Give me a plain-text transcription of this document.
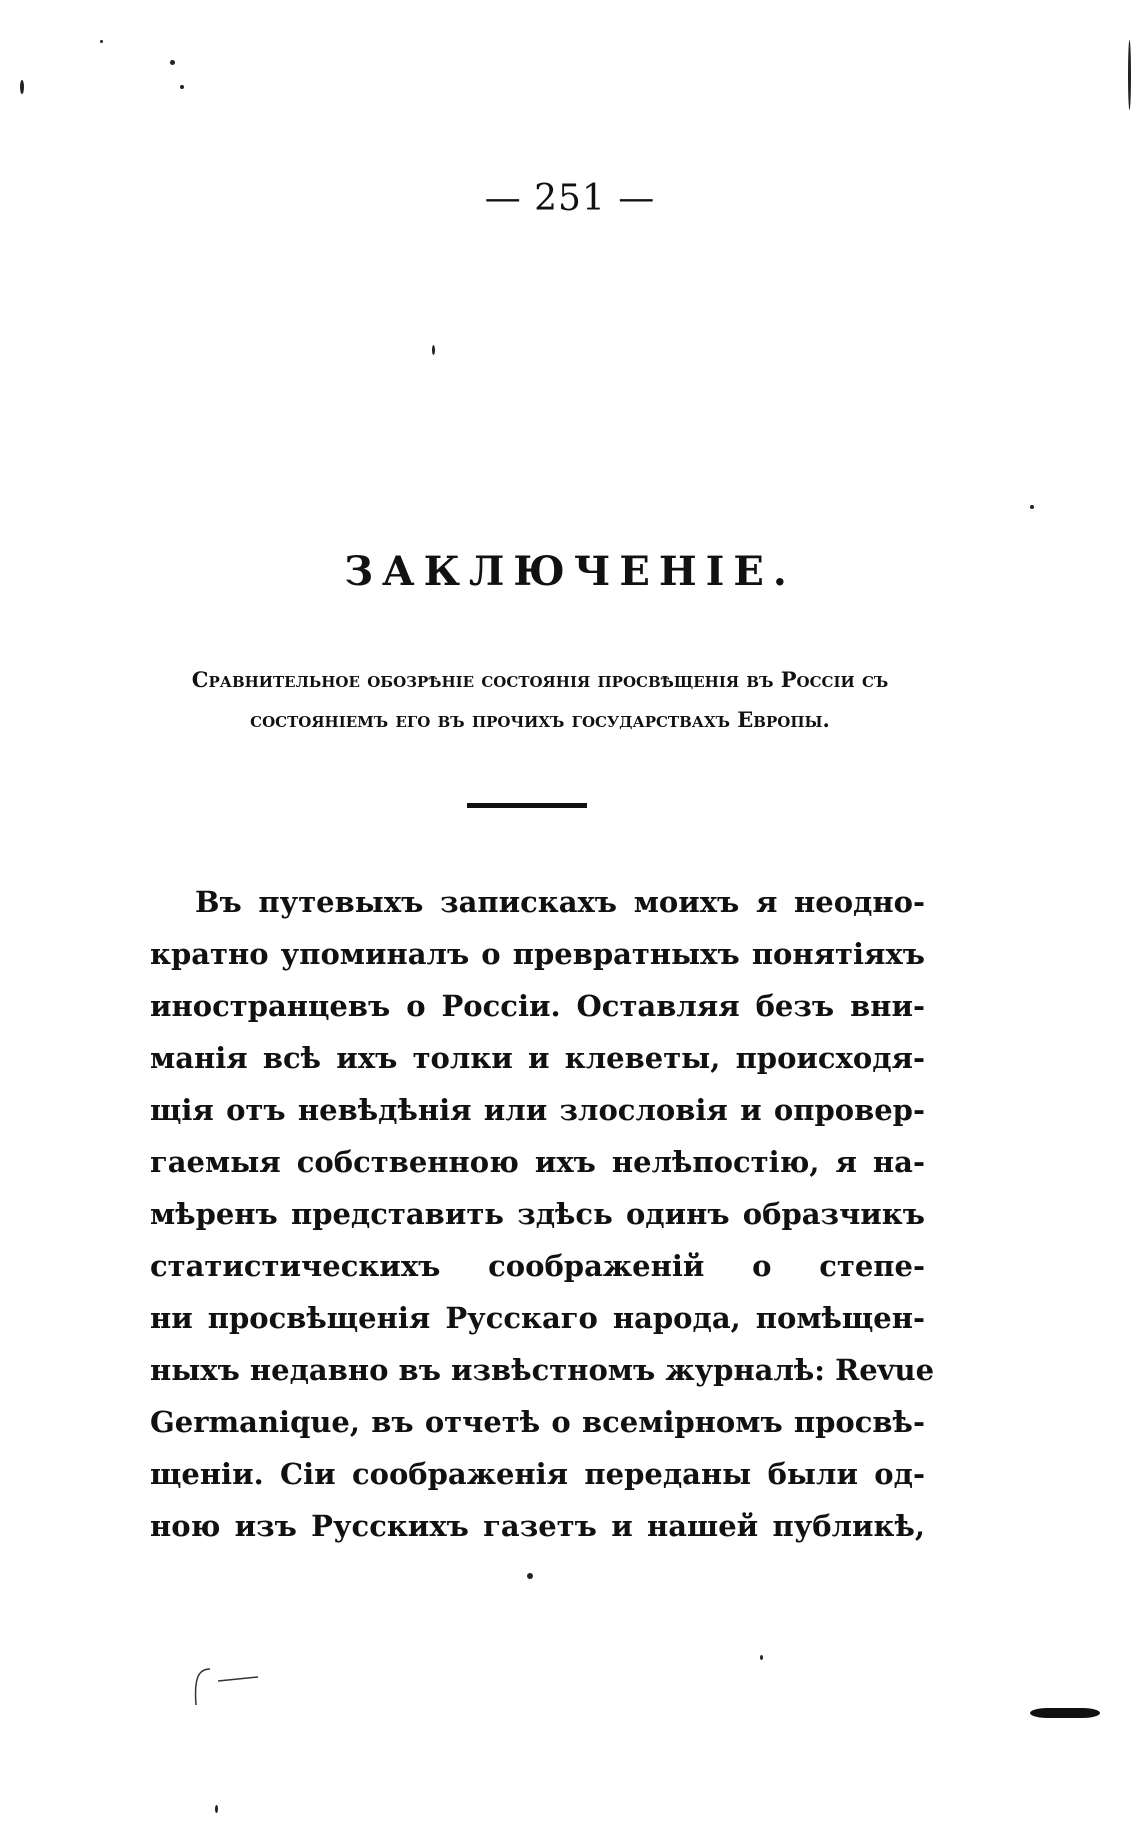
— 251 —
ЗАКЛЮЧЕНІЕ.
Сравнительное обозрѣніе состоянія просвѣщенія въ Россіи съ
состояніемъ его въ прочихъ государствахъ Европы.
Въ путевыхъ запискахъ моихъ я неодно-
кратно упоминалъ о превратныхъ понятіяхъ
иностранцевъ о Россіи. Оставляя безъ вни-
манія всѣ ихъ толки и клеветы, происходя-
щія отъ невѣдѣнія или злословія и опровер-
гаемыя собственною ихъ нелѣпостію, я на-
мѣренъ представить здѣсь одинъ образчикъ
статистическихъ соображеній о степе-
ни просвѣщенія Русскаго народа, помѣщен-
ныхъ недавно въ извѣстномъ журналѣ: Revue
Germanique, въ отчетѣ о всемірномъ просвѣ-
щеніи. Сіи соображенія переданы были од-
ною изъ Русскихъ газетъ и нашей публикѣ,
